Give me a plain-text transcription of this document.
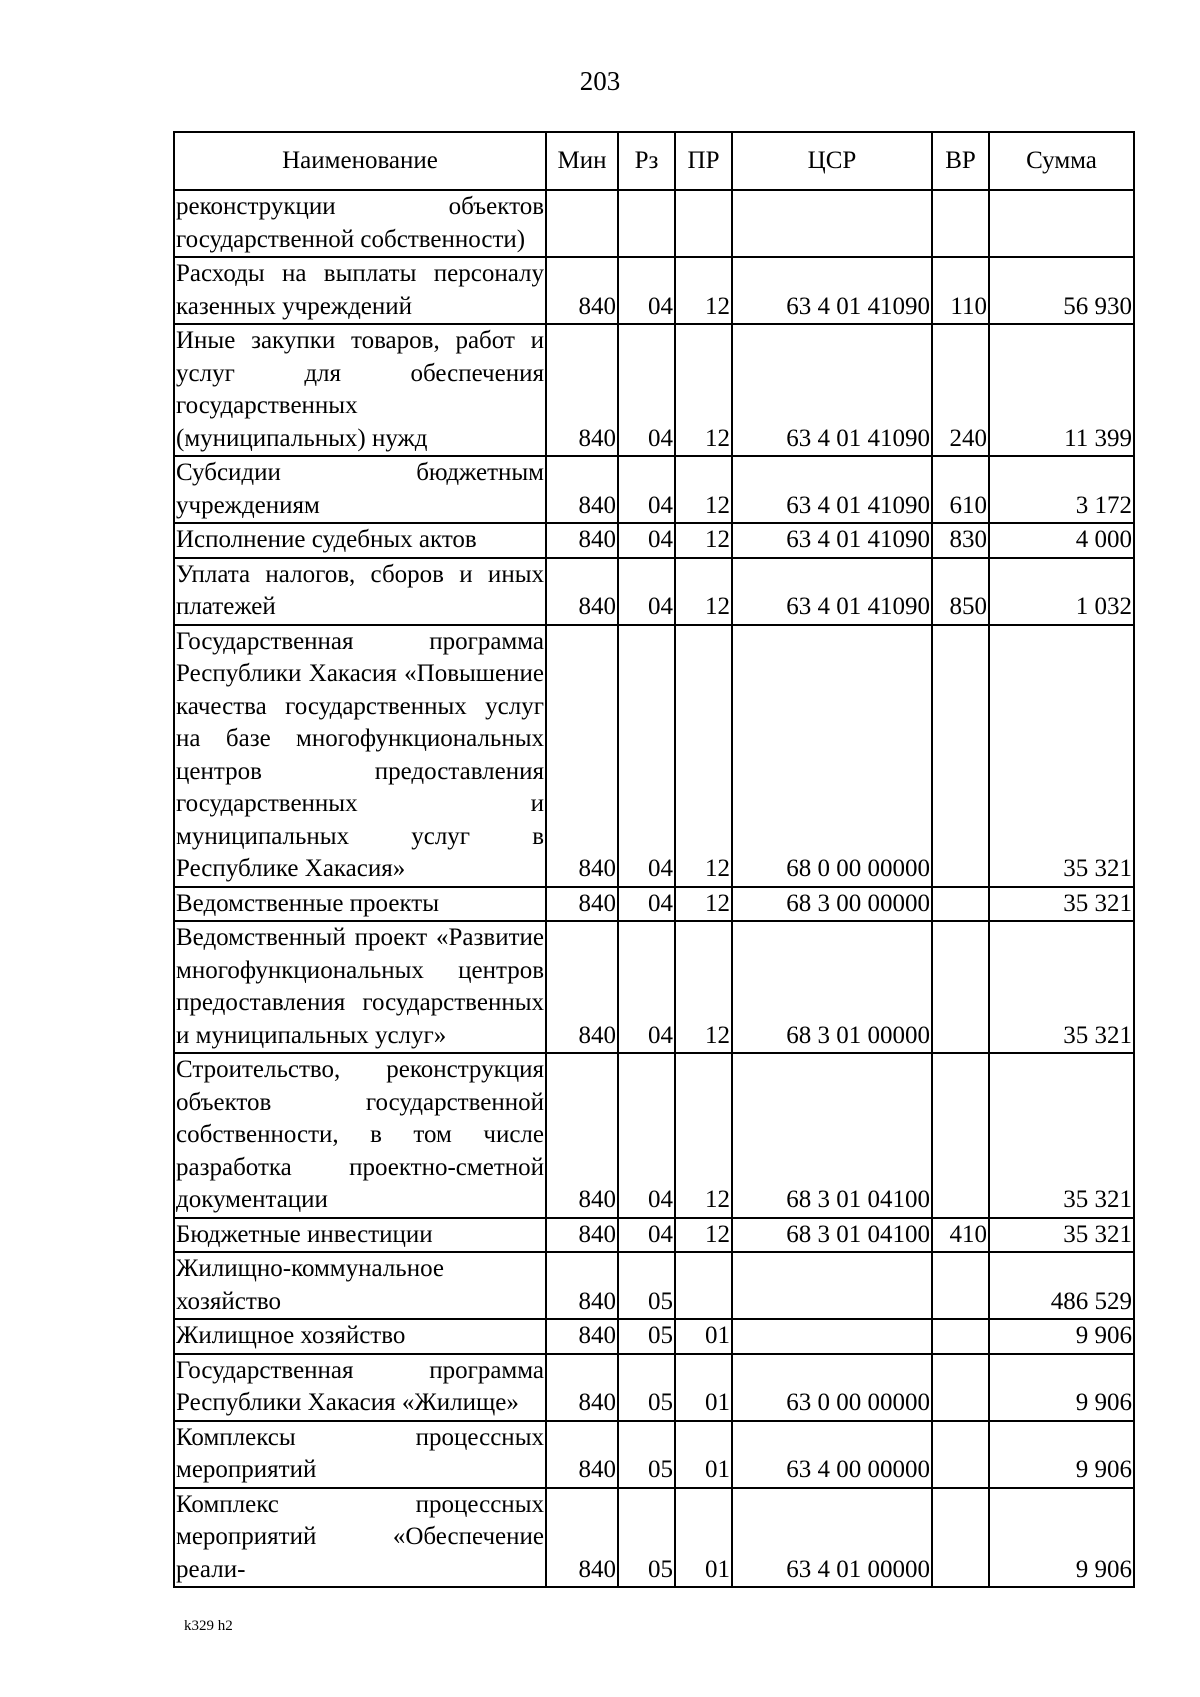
203
Наименование	Мин	Рз	ПР	ЦСР	ВР	Сумма
реконструкции объектов государственной собственности)						
Расходы на выплаты персоналу казенных учреждений	840	04	12	63 4 01 41090	110	56 930
Иные закупки товаров, работ и услуг для обеспечения государственных (муниципальных) нужд	840	04	12	63 4 01 41090	240	11 399
Субсидии бюджетным учреждениям	840	04	12	63 4 01 41090	610	3 172
Исполнение судебных актов	840	04	12	63 4 01 41090	830	4 000
Уплата налогов, сборов и иных платежей	840	04	12	63 4 01 41090	850	1 032
Государственная программа Республики Хакасия «Повышение качества государственных услуг на базе многофункциональных центров предоставления государственных и муниципальных услуг в Республике Хакасия»	840	04	12	68 0 00 00000		35 321
Ведомственные проекты	840	04	12	68 3 00 00000		35 321
Ведомственный проект «Развитие многофункциональных центров предоставления государственных и муниципальных услуг»	840	04	12	68 3 01 00000		35 321
Строительство, реконструкция объектов государственной собственности, в том числе разработка проектно-сметной документации	840	04	12	68 3 01 04100		35 321
Бюджетные инвестиции	840	04	12	68 3 01 04100	410	35 321
Жилищно-коммунальное хозяйство	840	05				486 529
Жилищное хозяйство	840	05	01			9 906
Государственная программа Республики Хакасия «Жилище»	840	05	01	63 0 00 00000		9 906
Комплексы процессных мероприятий	840	05	01	63 4 00 00000		9 906
Комплекс процессных мероприятий «Обеспечение реали-	840	05	01	63 4 01 00000		9 906
k329 h2
